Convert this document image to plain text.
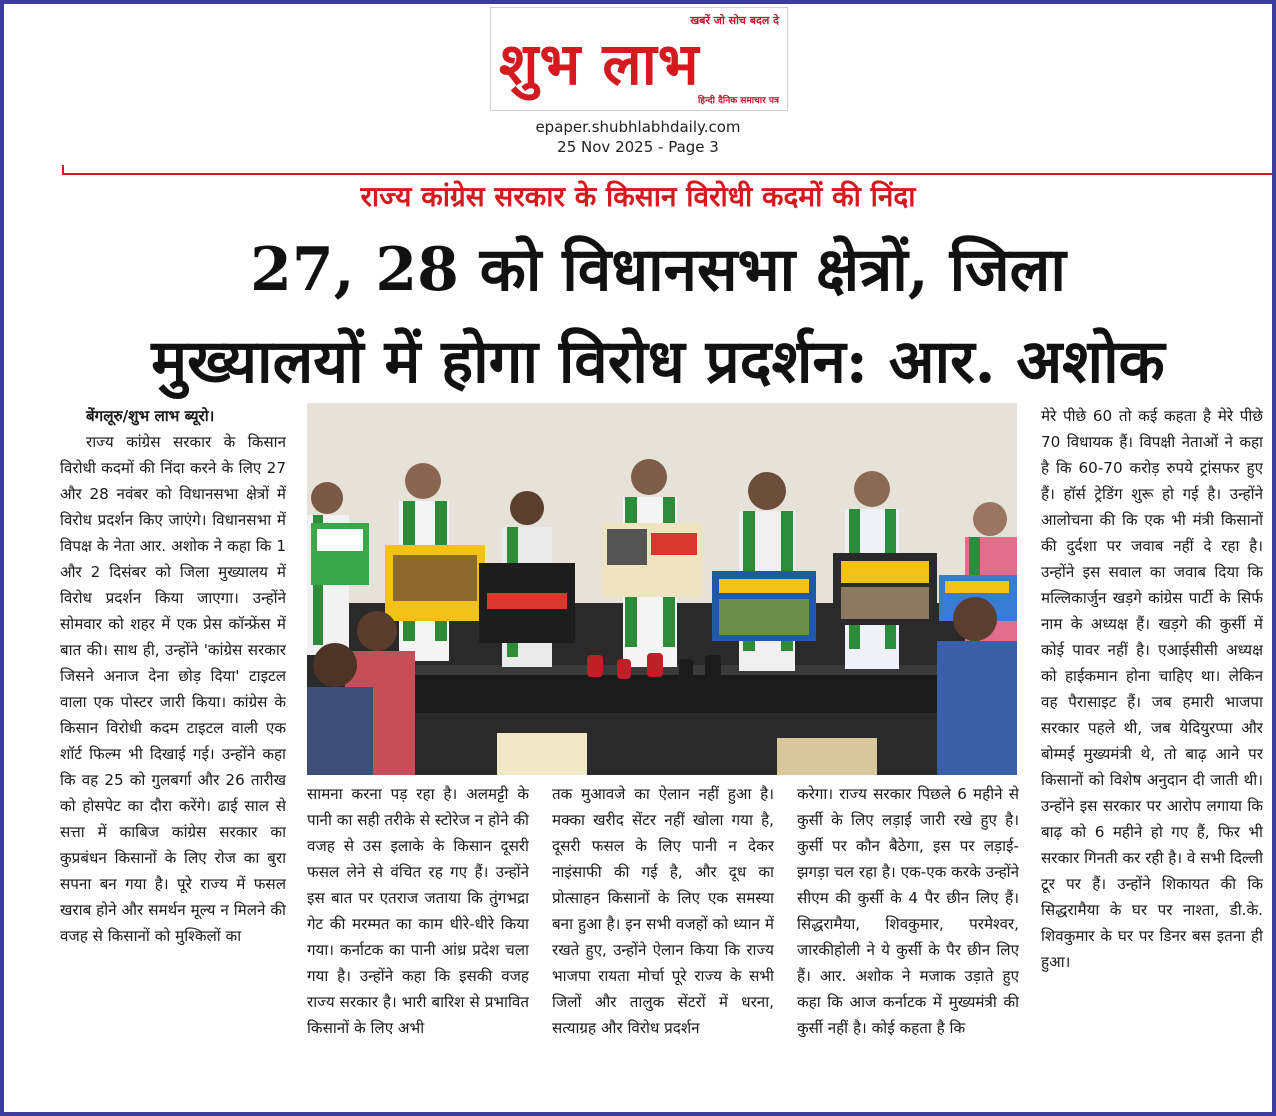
खबरें जो सोच बदल दे
शुभ लाभ
हिन्दी दैनिक समाचार पत्र
epaper.shubhlabhdaily.com
25 Nov 2025 - Page 3
राज्य कांग्रेस सरकार के किसान विरोधी कदमों की निंदा
27, 28 को विधानसभा क्षेत्रों, जिला
मुख्यालयों में होगा विरोध प्रदर्शन: आर. अशोक

बेंगलूरु/शुभ लाभ ब्यूरो।

राज्य कांग्रेस सरकार के किसान विरोधी कदमों की निंदा करने के लिए 27 और 28 नवंबर को विधानसभा क्षेत्रों में विरोध प्रदर्शन किए जाएंगे। विधानसभा में विपक्ष के नेता आर. अशोक ने कहा कि 1 और 2 दिसंबर को जिला मुख्यालय में विरोध प्रदर्शन किया जाएगा। उन्होंने सोमवार को शहर में एक प्रेस कॉन्फ्रेंस में बात की। साथ ही, उन्होंने 'कांग्रेस सरकार जिसने अनाज देना छोड़ दिया' टाइटल वाला एक पोस्टर जारी किया। कांग्रेस के किसान विरोधी कदम टाइटल वाली एक शॉर्ट फिल्म भी दिखाई गई। उन्होंने कहा कि वह 25 को गुलबर्गा और 26 तारीख को होसपेट का दौरा करेंगे। ढाई साल से सत्ता में काबिज कांग्रेस सरकार का कुप्रबंधन किसानों के लिए रोज का बुरा सपना बन गया है। पूरे राज्य में फसल खराब होने और समर्थन मूल्य न मिलने की वजह से किसानों को मुश्किलों का

सामना करना पड़ रहा है। अलमट्टी के पानी का सही तरीके से स्टोरेज न होने की वजह से उस इलाके के किसान दूसरी फसल लेने से वंचित रह गए हैं। उन्होंने इस बात पर एतराज जताया कि तुंगभद्रा गेट की मरम्मत का काम धीरे-धीरे किया गया। कर्नाटक का पानी आंध्र प्रदेश चला गया है। उन्होंने कहा कि इसकी वजह राज्य सरकार है। भारी बारिश से प्रभावित किसानों के लिए अभी

तक मुआवजे का ऐलान नहीं हुआ है। मक्का खरीद सेंटर नहीं खोला गया है, दूसरी फसल के लिए पानी न देकर नाइंसाफी की गई है, और दूध का प्रोत्साहन किसानों के लिए एक समस्या बना हुआ है। इन सभी वजहों को ध्यान में रखते हुए, उन्होंने ऐलान किया कि राज्य भाजपा रायता मोर्चा पूरे राज्य के सभी जिलों और तालुक सेंटरों में धरना, सत्याग्रह और विरोध प्रदर्शन

करेगा। राज्य सरकार पिछले 6 महीने से कुर्सी के लिए लड़ाई जारी रखे हुए है। कुर्सी पर कौन बैठेगा, इस पर लड़ाई-झगड़ा चल रहा है। एक-एक करके उन्होंने सीएम की कुर्सी के 4 पैर छीन लिए हैं। सिद्धरामैया, शिवकुमार, परमेश्वर, जारकीहोली ने ये कुर्सी के पैर छीन लिए हैं। आर. अशोक ने मजाक उड़ाते हुए कहा कि आज कर्नाटक में मुख्यमंत्री की कुर्सी नहीं है। कोई कहता है कि

मेरे पीछे 60 तो कई कहता है मेरे पीछे 70 विधायक हैं। विपक्षी नेताओं ने कहा है कि 60-70 करोड़ रुपये ट्रांसफर हुए हैं। हॉर्स ट्रेडिंग शुरू हो गई है। उन्होंने आलोचना की कि एक भी मंत्री किसानों की दुर्दशा पर जवाब नहीं दे रहा है। उन्होंने इस सवाल का जवाब दिया कि मल्लिकार्जुन खड़गे कांग्रेस पार्टी के सिर्फ नाम के अध्यक्ष हैं। खड़गे की कुर्सी में कोई पावर नहीं है। एआईसीसी अध्यक्ष को हाईकमान होना चाहिए था। लेकिन वह पैरासाइट हैं। जब हमारी भाजपा सरकार पहले थी, जब येदियुरप्पा और बोम्मई मुख्यमंत्री थे, तो बाढ़ आने पर किसानों को विशेष अनुदान दी जाती थी। उन्होंने इस सरकार पर आरोप लगाया कि बाढ़ को 6 महीने हो गए हैं, फिर भी सरकार गिनती कर रही है। वे सभी दिल्ली टूर पर हैं। उन्होंने शिकायत की कि सिद्धरामैया के घर पर नाश्ता, डी.के. शिवकुमार के घर पर डिनर बस इतना ही हुआ।
